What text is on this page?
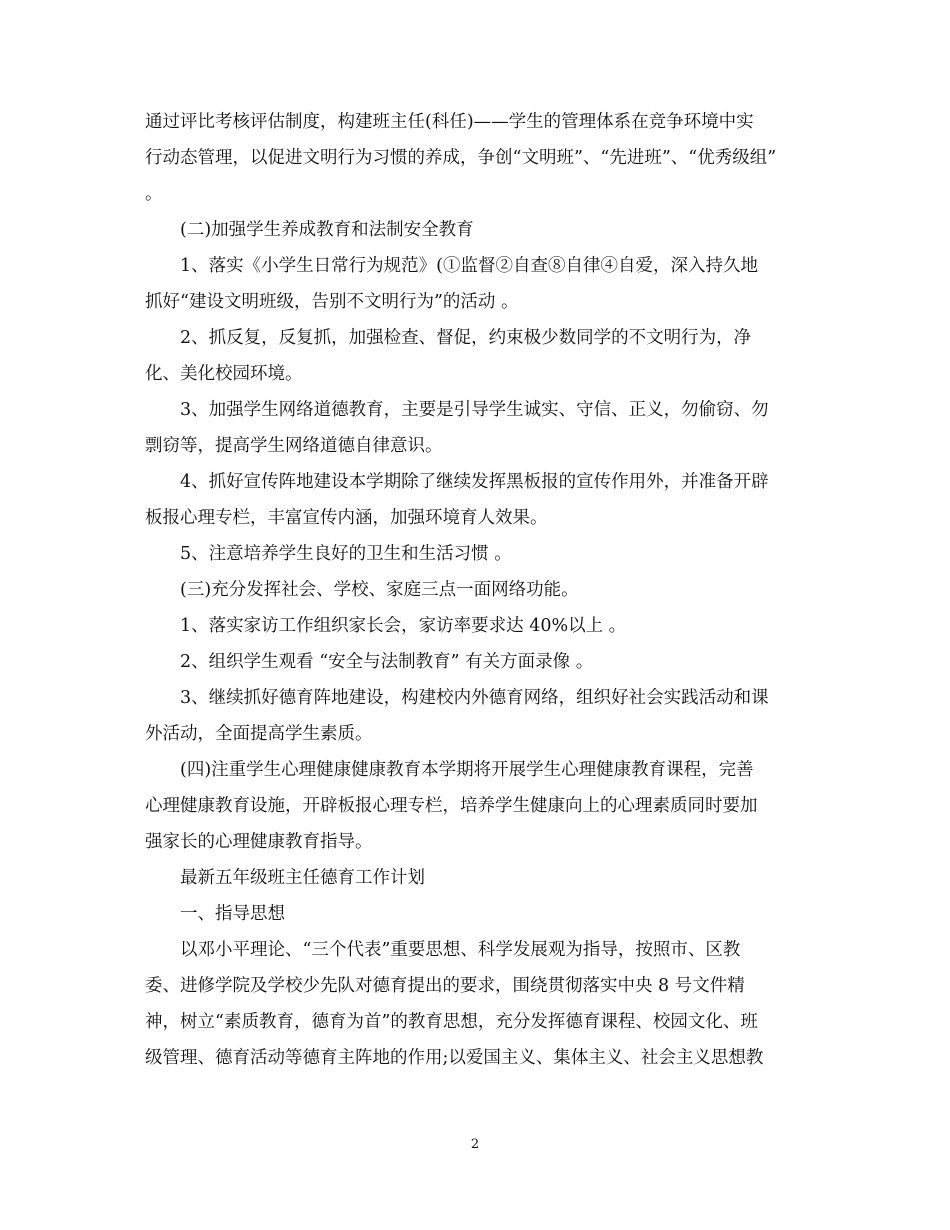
通过评比考核评估制度，构建班主任(科任)——学生的管理体系在竞争环境中实
行动态管理，以促进文明行为习惯的养成，争创“文明班”、“先进班”、“优秀级组”
。
(二)加强学生养成教育和法制安全教育
1、落实《小学生日常行为规范》(①监督②自查⑧自律④自爱，深入持久地
抓好“建设文明班级，告别不文明行为”的活动 。
2、抓反复，反复抓，加强检查、督促，约束极少数同学的不文明行为，净
化、美化校园环境。
3、加强学生网络道德教育，主要是引导学生诚实、守信、正义，勿偷窃、勿
剽窃等，提高学生网络道德自律意识。
4、抓好宣传阵地建设本学期除了继续发挥黑板报的宣传作用外，并准备开辟
板报心理专栏，丰富宣传内涵，加强环境育人效果。
5、注意培养学生良好的卫生和生活习惯 。
(三)充分发挥社会、学校、家庭三点一面网络功能。
1、落实家访工作组织家长会，家访率要求达 40%以上 。
2、组织学生观看 “安全与法制教育” 有关方面录像 。
3、继续抓好德育阵地建设，构建校内外德育网络，组织好社会实践活动和课
外活动，全面提高学生素质。
(四)注重学生心理健康健康教育本学期将开展学生心理健康教育课程，完善
心理健康教育设施，开辟板报心理专栏，培养学生健康向上的心理素质同时要加
强家长的心理健康教育指导。
最新五年级班主任德育工作计划
一、指导思想
以邓小平理论、“三个代表”重要思想、科学发展观为指导，按照市、区教
委、进修学院及学校少先队对德育提出的要求，围绕贯彻落实中央 8 号文件精
神，树立“素质教育，德育为首”的教育思想，充分发挥德育课程、校园文化、班
级管理、德育活动等德育主阵地的作用;以爱国主义、集体主义、社会主义思想教
2
